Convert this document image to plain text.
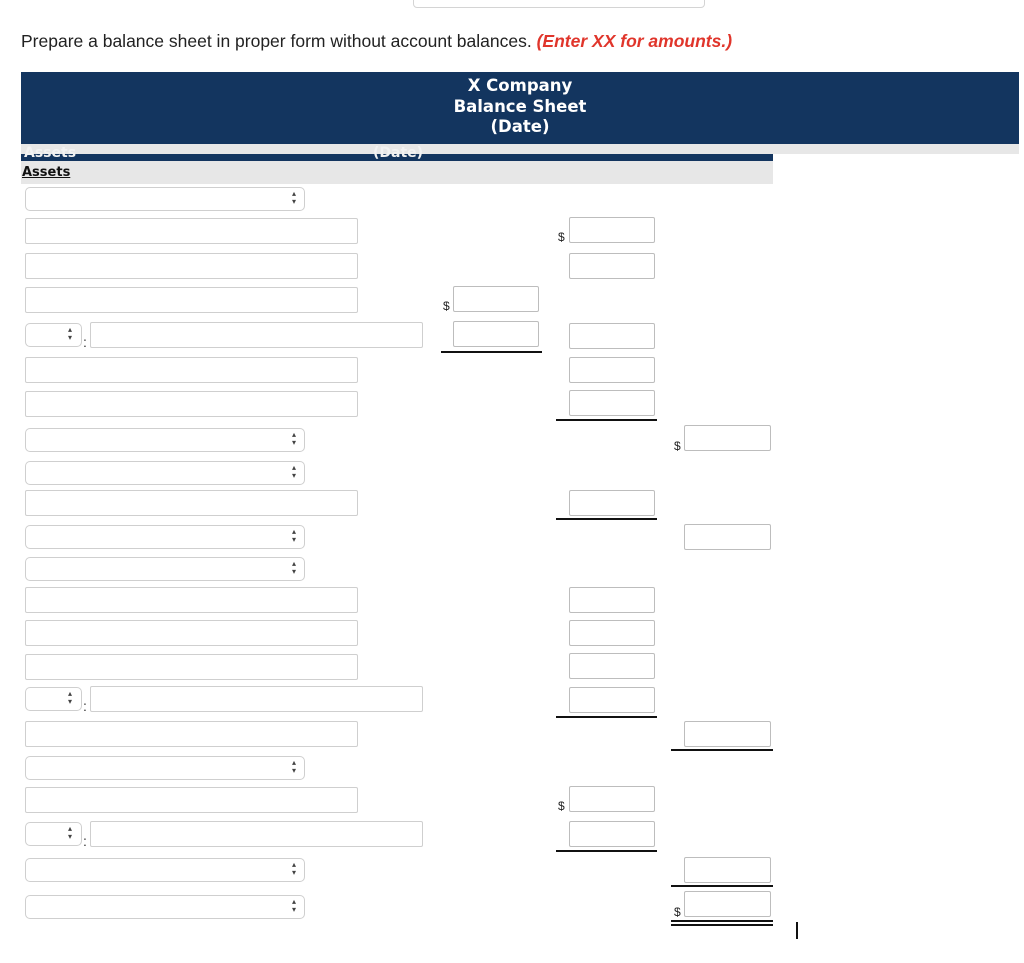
Prepare a balance sheet in proper form without account balances. (Enter XX for amounts.)
X Company
Balance Sheet
(Date)
Assets	(Date)
Assets
▴ ▾
$
$
▴ ▾
:
▴ ▾
$
▴ ▾
▴ ▾
▴ ▾
▴ ▾
:
▴ ▾
$
▴ ▾
:
▴ ▾
▴ ▾
$
